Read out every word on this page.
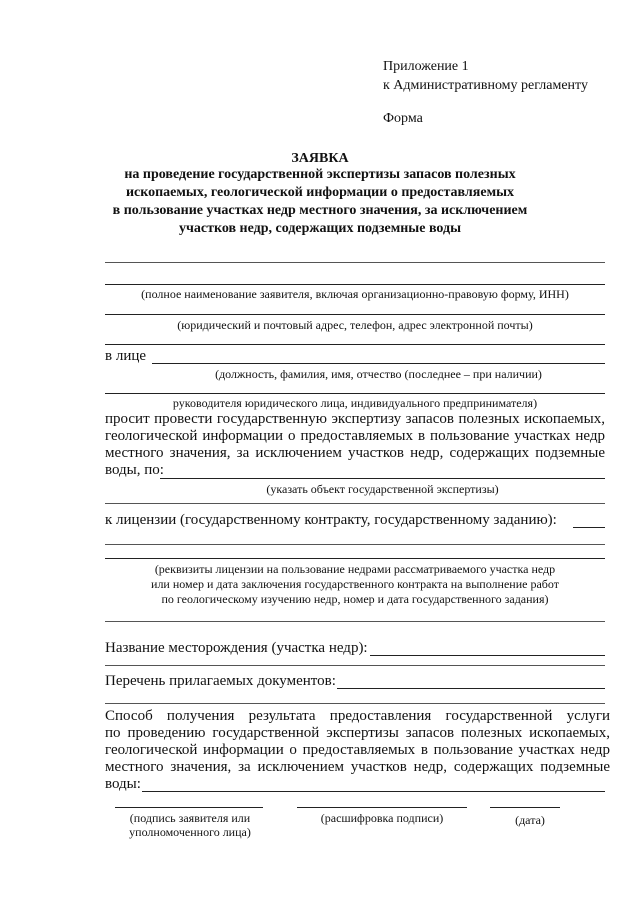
Приложение 1
к Административному регламенту
Форма
ЗАЯВКА
на проведение государственной экспертизы запасов полезных
ископаемых, геологической информации о предоставляемых
в пользование участках недр местного значения, за исключением
участков недр, содержащих подземные воды
(полное наименование заявителя, включая организационно-правовую форму, ИНН)
(юридический и почтовый адрес, телефон, адрес электронной почты)
в лице
(должность, фамилия, имя, отчество (последнее – при наличии)
руководителя юридического лица, индивидуального предпринимателя)
просит провести государственную экспертизу запасов полезных ископаемых,
геологической информации о предоставляемых в пользование участках недр
местного значения, за исключением участков недр, содержащих подземные
воды, по:
(указать объект государственной экспертизы)
к лицензии (государственному контракту, государственному заданию):
(реквизиты лицензии на пользование недрами рассматриваемого участка недр
или номер и дата заключения государственного контракта на выполнение работ
по геологическому изучению недр, номер и дата государственного задания)
Название месторождения (участка недр):
Перечень прилагаемых документов:
Способ получения результата предоставления государственной услуги
по проведению государственной экспертизы запасов полезных ископаемых,
геологической информации о предоставляемых в пользование участках недр
местного значения, за исключением участков недр, содержащих подземные
воды:
(подпись заявителя или
уполномоченного лица)
(расшифровка подписи)	(дата)
